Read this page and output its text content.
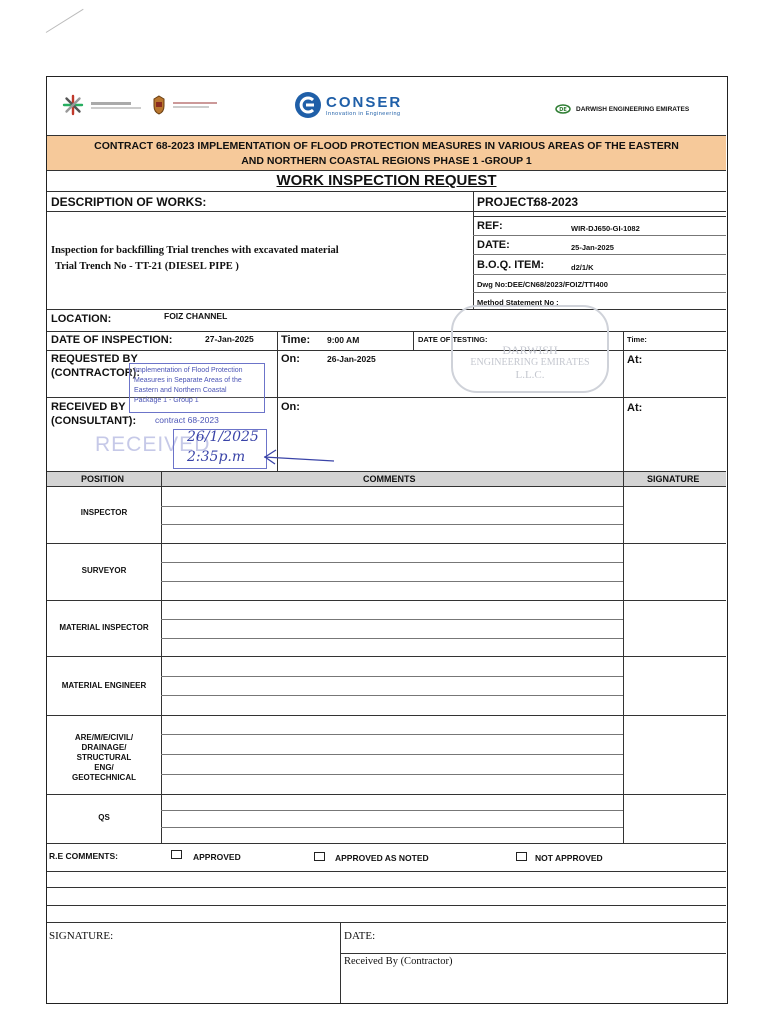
CONSER
Innovation in Engineering
DE DARWISH ENGINEERING EMIRATES
CONTRACT 68-2023 IMPLEMENTATION OF FLOOD PROTECTION MEASURES IN VARIOUS AREAS OF THE EASTERN
AND NORTHERN COASTAL REGIONS PHASE 1 -GROUP 1
WORK INSPECTION REQUEST
DESCRIPTION OF WORKS:
Inspection for backfilling Trial trenches with excavated material
Trial Trench No - TT-21 (DIESEL PIPE )
PROJECT:
68-2023
REF:	WIR-DJ650-GI-1082
DATE:	25-Jan-2025
B.O.Q. ITEM:	d2/1/K
Dwg No:DEE/CN68/2023/FOIZ/TTI400
Method Statement No :
LOCATION:	FOIZ CHANNEL
DATE OF INSPECTION:	27-Jan-2025 Time: 9:00 AM	DATE OF TESTING:	Time:
REQUESTED BY
(CONTRACTOR):
On:	26-Jan-2025	At:
RECEIVED BY
(CONSULTANT):
On:	At:
DARWISH
ENGINEERING EMIRATES
L.L.C.
Implementation of Flood Protection
Measures in Separate Areas of the
Eastern and Northern Coastal
Package 1 - Group 1
contract 68-2023
RECEIVED
26/1/2025
2:35p.m
POSITION	COMMENTS	SIGNATURE
INSPECTOR
SURVEYOR
MATERIAL INSPECTOR
MATERIAL ENGINEER
ARE/M/E/CIVIL/ DRAINAGE/ STRUCTURAL ENG/ GEOTECHNICAL
QS
R.E COMMENTS:	APPROVED	APPROVED AS NOTED	NOT APPROVED
SIGNATURE:	DATE:
Received By (Contractor)
